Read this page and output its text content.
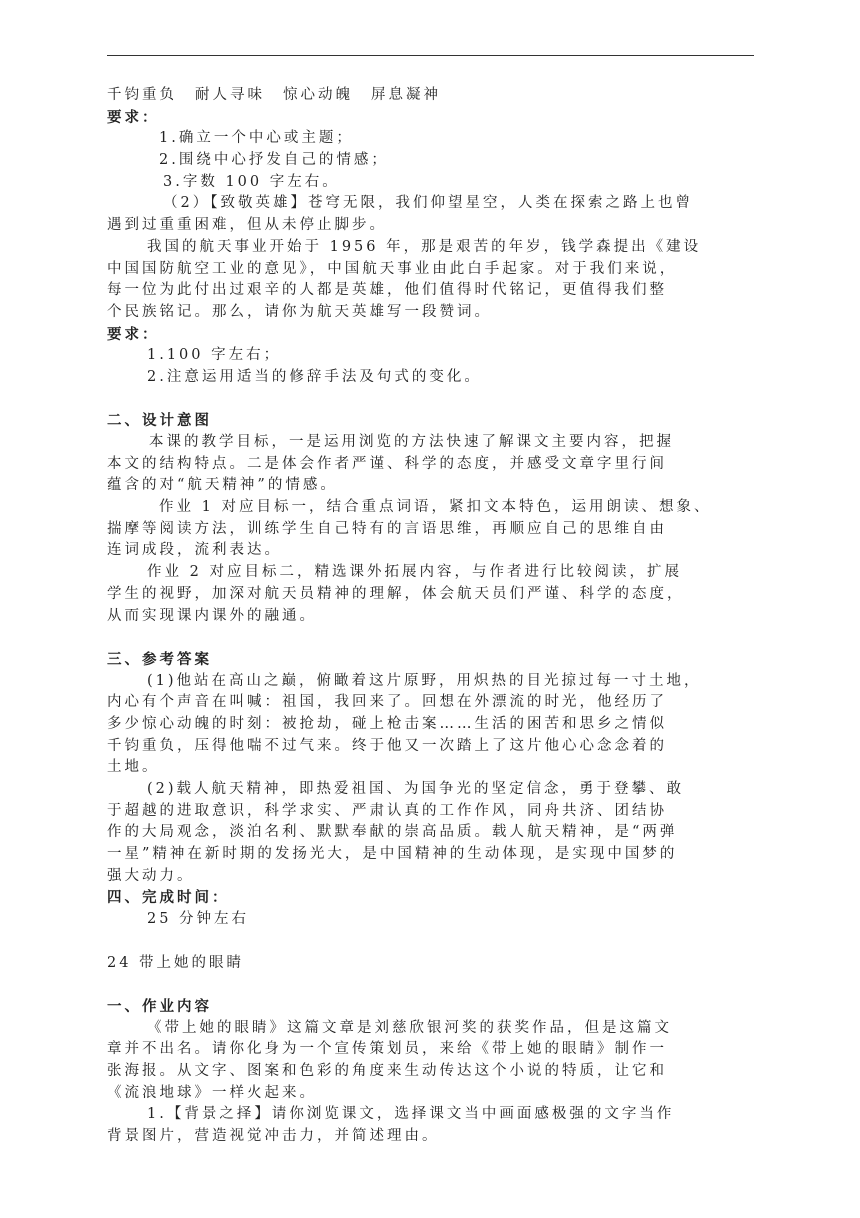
千钧重负 耐人寻味 惊心动魄 屏息凝神
要求：
1.确立一个中心或主题；
2.围绕中心抒发自己的情感；
3.字数 100 字左右。
（2）【致敬英雄】苍穹无限，我们仰望星空，人类在探索之路上也曾
遇到过重重困难，但从未停止脚步。
我国的航天事业开始于 1956 年，那是艰苦的年岁，钱学森提出《建设
中国国防航空工业的意见》，中国航天事业由此白手起家。对于我们来说，
每一位为此付出过艰辛的人都是英雄，他们值得时代铭记，更值得我们整
个民族铭记。那么，请你为航天英雄写一段赞词。
要求：
1.100 字左右；
2.注意运用适当的修辞手法及句式的变化。
二、设计意图
本课的教学目标，一是运用浏览的方法快速了解课文主要内容，把握
本文的结构特点。二是体会作者严谨、科学的态度，并感受文章字里行间
蕴含的对“航天精神”的情感。
作业 1 对应目标一，结合重点词语，紧扣文本特色，运用朗读、想象、
揣摩等阅读方法，训练学生自己特有的言语思维，再顺应自己的思维自由
连词成段，流利表达。
作业 2 对应目标二，精选课外拓展内容，与作者进行比较阅读，扩展
学生的视野，加深对航天员精神的理解，体会航天员们严谨、科学的态度，
从而实现课内课外的融通。
三、参考答案
(1)他站在高山之巅，俯瞰着这片原野，用炽热的目光掠过每一寸土地，
内心有个声音在叫喊：祖国，我回来了。回想在外漂流的时光，他经历了
多少惊心动魄的时刻：被抢劫，碰上枪击案……生活的困苦和思乡之情似
千钧重负，压得他喘不过气来。终于他又一次踏上了这片他心心念念着的
土地。
(2)载人航天精神，即热爱祖国、为国争光的坚定信念，勇于登攀、敢
于超越的进取意识，科学求实、严肃认真的工作作风，同舟共济、团结协
作的大局观念，淡泊名利、默默奉献的崇高品质。载人航天精神，是“两弹
一星”精神在新时期的发扬光大，是中国精神的生动体现，是实现中国梦的
强大动力。
四、完成时间：
25 分钟左右
24 带上她的眼睛
一、作业内容
《带上她的眼睛》这篇文章是刘慈欣银河奖的获奖作品，但是这篇文
章并不出名。请你化身为一个宣传策划员，来给《带上她的眼睛》制作一
张海报。从文字、图案和色彩的角度来生动传达这个小说的特质，让它和
《流浪地球》一样火起来。
1.【背景之择】请你浏览课文，选择课文当中画面感极强的文字当作
背景图片，营造视觉冲击力，并简述理由。
